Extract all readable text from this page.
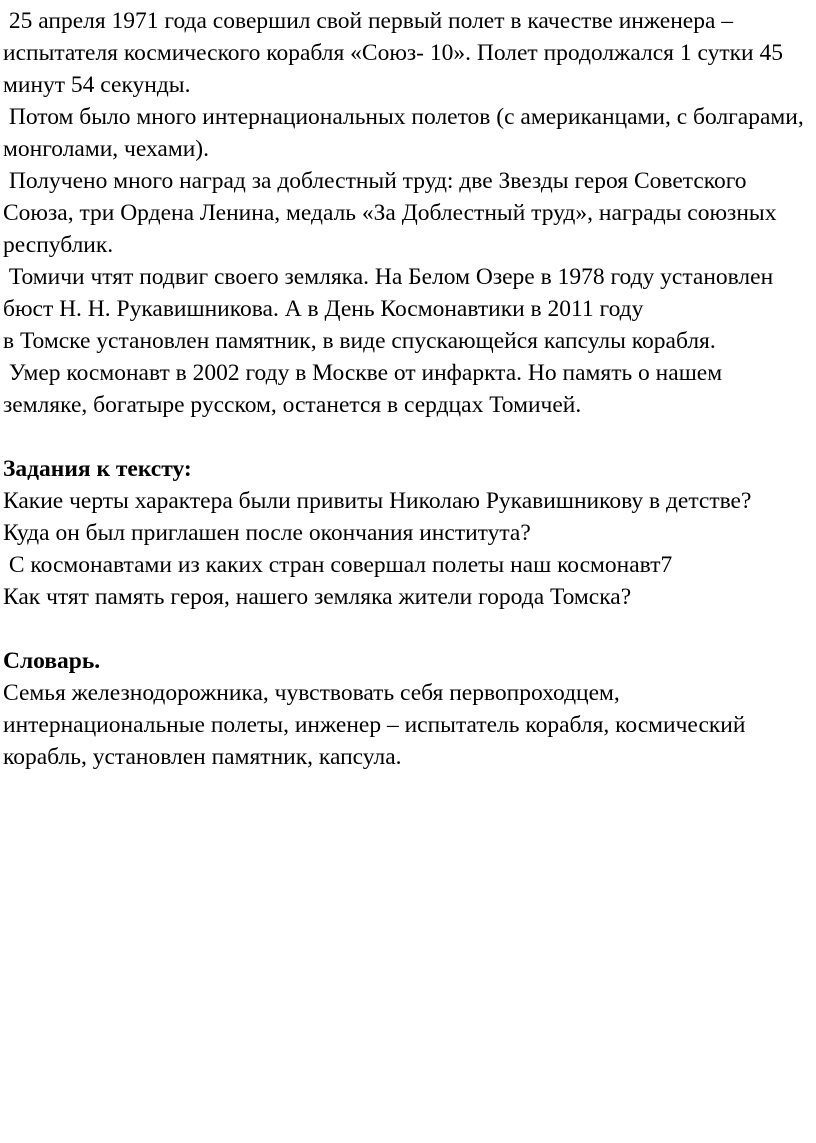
25 апреля 1971 года совершил свой первый полет в качестве инженера – испытателя космического корабля «Союз- 10». Полет продолжался 1 сутки 45 минут 54 секунды.

Потом было много интернациональных полетов (с американцами, с болгарами, монголами, чехами).

Получено много наград за доблестный труд: две Звезды героя Советского Союза, три Ордена Ленина, медаль «За Доблестный труд», награды союзных республик.

Томичи чтят подвиг своего земляка. На Белом Озере в 1978 году установлен бюст Н. Н. Рукавишникова. А в День Космонавтики в 2011 году

в Томске установлен памятник, в виде спускающейся капсулы корабля.

Умер космонавт в 2002 году в Москве от инфаркта. Но память о нашем земляке, богатыре русском, останется в сердцах Томичей.

Задания к тексту:

Какие черты характера были привиты Николаю Рукавишникову в детстве?

Куда он был приглашен после окончания института?

С космонавтами из каких стран совершал полеты наш космонавт7

Как чтят память героя, нашего земляка жители города Томска?

Словарь.

Семья железнодорожника, чувствовать себя первопроходцем, интернациональные полеты, инженер – испытатель корабля, космический корабль, установлен памятник, капсула.
